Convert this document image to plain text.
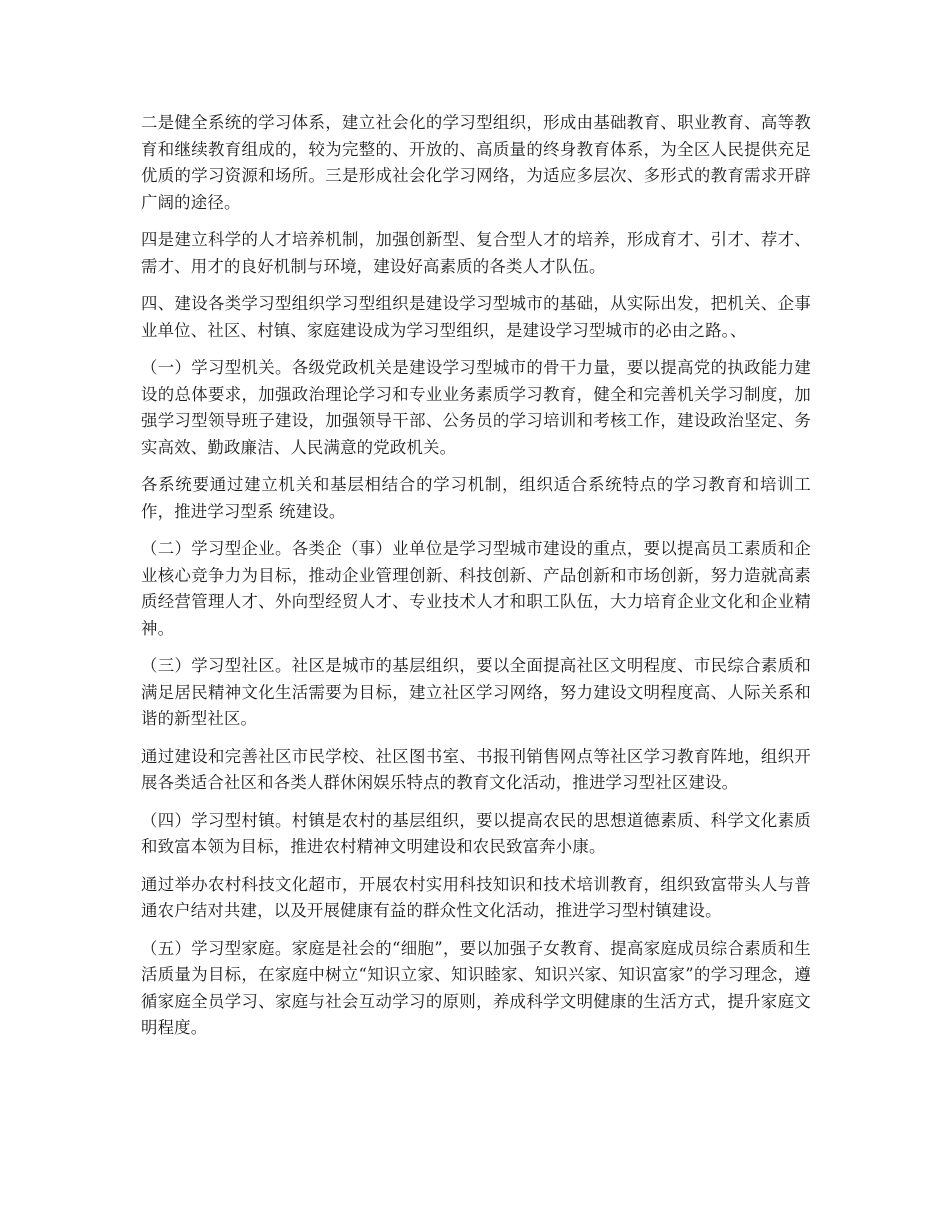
二是健全系统的学习体系，建立社会化的学习型组织，形成由基础教育、职业教育、高等教育和继续教育组成的，较为完整的、开放的、高质量的终身教育体系，为全区人民提供充足优质的学习资源和场所。三是形成社会化学习网络，为适应多层次、多形式的教育需求开辟广阔的途径。

四是建立科学的人才培养机制，加强创新型、复合型人才的培养，形成育才、引才、荐才、需才、用才的良好机制与环境，建设好高素质的各类人才队伍。

四、建设各类学习型组织学习型组织是建设学习型城市的基础，从实际出发，把机关、企事业单位、社区、村镇、家庭建设成为学习型组织，是建设学习型城市的必由之路。、

（一）学习型机关。各级党政机关是建设学习型城市的骨干力量，要以提高党的执政能力建设的总体要求，加强政治理论学习和专业业务素质学习教育，健全和完善机关学习制度，加强学习型领导班子建设，加强领导干部、公务员的学习培训和考核工作，建设政治坚定、务实高效、勤政廉洁、人民满意的党政机关。

各系统要通过建立机关和基层相结合的学习机制，组织适合系统特点的学习教育和培训工作，推进学习型系 统建设。

（二）学习型企业。各类企（事）业单位是学习型城市建设的重点，要以提高员工素质和企业核心竞争力为目标，推动企业管理创新、科技创新、产品创新和市场创新，努力造就高素质经营管理人才、外向型经贸人才、专业技术人才和职工队伍，大力培育企业文化和企业精神。

（三）学习型社区。社区是城市的基层组织，要以全面提高社区文明程度、市民综合素质和满足居民精神文化生活需要为目标，建立社区学习网络，努力建设文明程度高、人际关系和谐的新型社区。

通过建设和完善社区市民学校、社区图书室、书报刊销售网点等社区学习教育阵地，组织开展各类适合社区和各类人群休闲娱乐特点的教育文化活动，推进学习型社区建设。

（四）学习型村镇。村镇是农村的基层组织，要以提高农民的思想道德素质、科学文化素质和致富本领为目标，推进农村精神文明建设和农民致富奔小康。

通过举办农村科技文化超市，开展农村实用科技知识和技术培训教育，组织致富带头人与普通农户结对共建，以及开展健康有益的群众性文化活动，推进学习型村镇建设。

（五）学习型家庭。家庭是社会的“细胞”，要以加强子女教育、提高家庭成员综合素质和生活质量为目标，在家庭中树立“知识立家、知识睦家、知识兴家、知识富家”的学习理念，遵循家庭全员学习、家庭与社会互动学习的原则，养成科学文明健康的生活方式，提升家庭文明程度。
